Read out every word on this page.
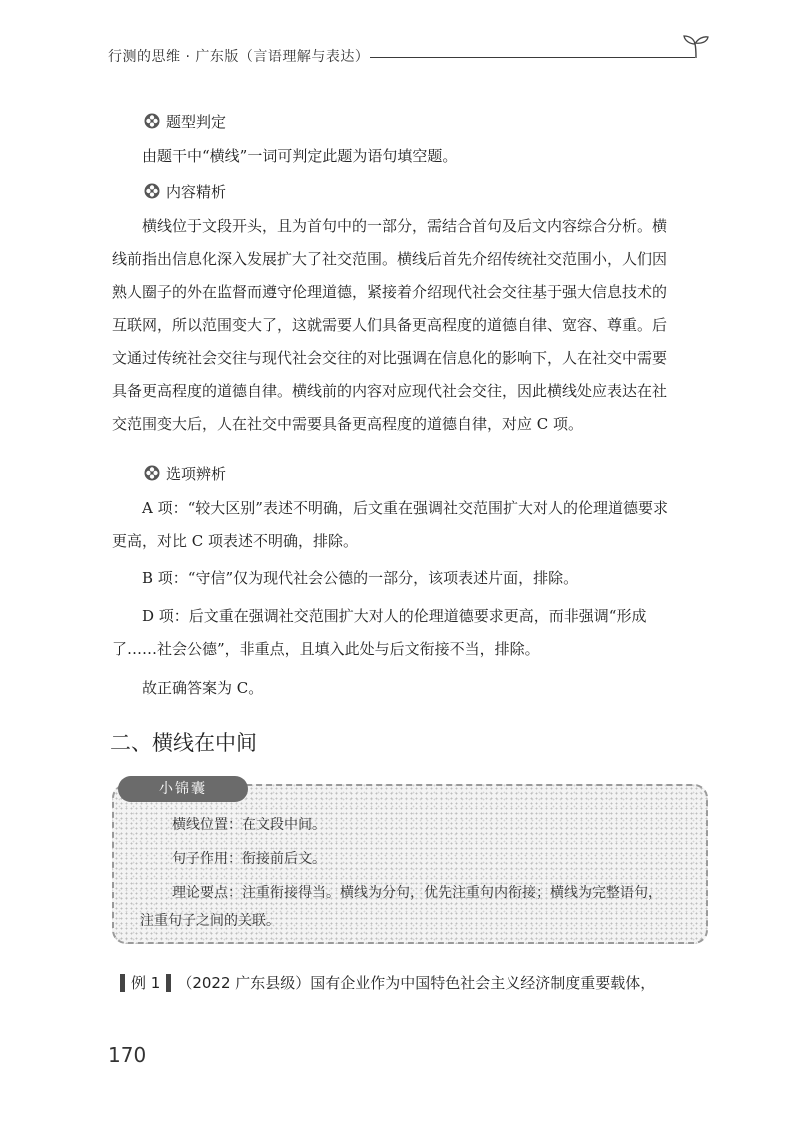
行测的思维 · 广东版（言语理解与表达）
题型判定
由题干中“横线”一词可判定此题为语句填空题。
内容精析
横线位于文段开头，且为首句中的一部分，需结合首句及后文内容综合分析。横
线前指出信息化深入发展扩大了社交范围。横线后首先介绍传统社交范围小，人们因
熟人圈子的外在监督而遵守伦理道德，紧接着介绍现代社会交往基于强大信息技术的
互联网，所以范围变大了，这就需要人们具备更高程度的道德自律、宽容、尊重。后
文通过传统社会交往与现代社会交往的对比强调在信息化的影响下，人在社交中需要
具备更高程度的道德自律。横线前的内容对应现代社会交往，因此横线处应表达在社
交范围变大后，人在社交中需要具备更高程度的道德自律，对应 C 项。
选项辨析
A 项：“较大区别”表述不明确，后文重在强调社交范围扩大对人的伦理道德要求
更高，对比 C 项表述不明确，排除。
B 项：“守信”仅为现代社会公德的一部分，该项表述片面，排除。
D 项：后文重在强调社交范围扩大对人的伦理道德要求更高，而非强调“形成
了……社会公德”，非重点，且填入此处与后文衔接不当，排除。
故正确答案为 C。
二、横线在中间
小锦囊
横线位置：在文段中间。
句子作用：衔接前后文。
理论要点：注重衔接得当。横线为分句，优先注重句内衔接；横线为完整语句，
注重句子之间的关联。
例 1 （2022 广东县级）国有企业作为中国特色社会主义经济制度重要载体，
170
